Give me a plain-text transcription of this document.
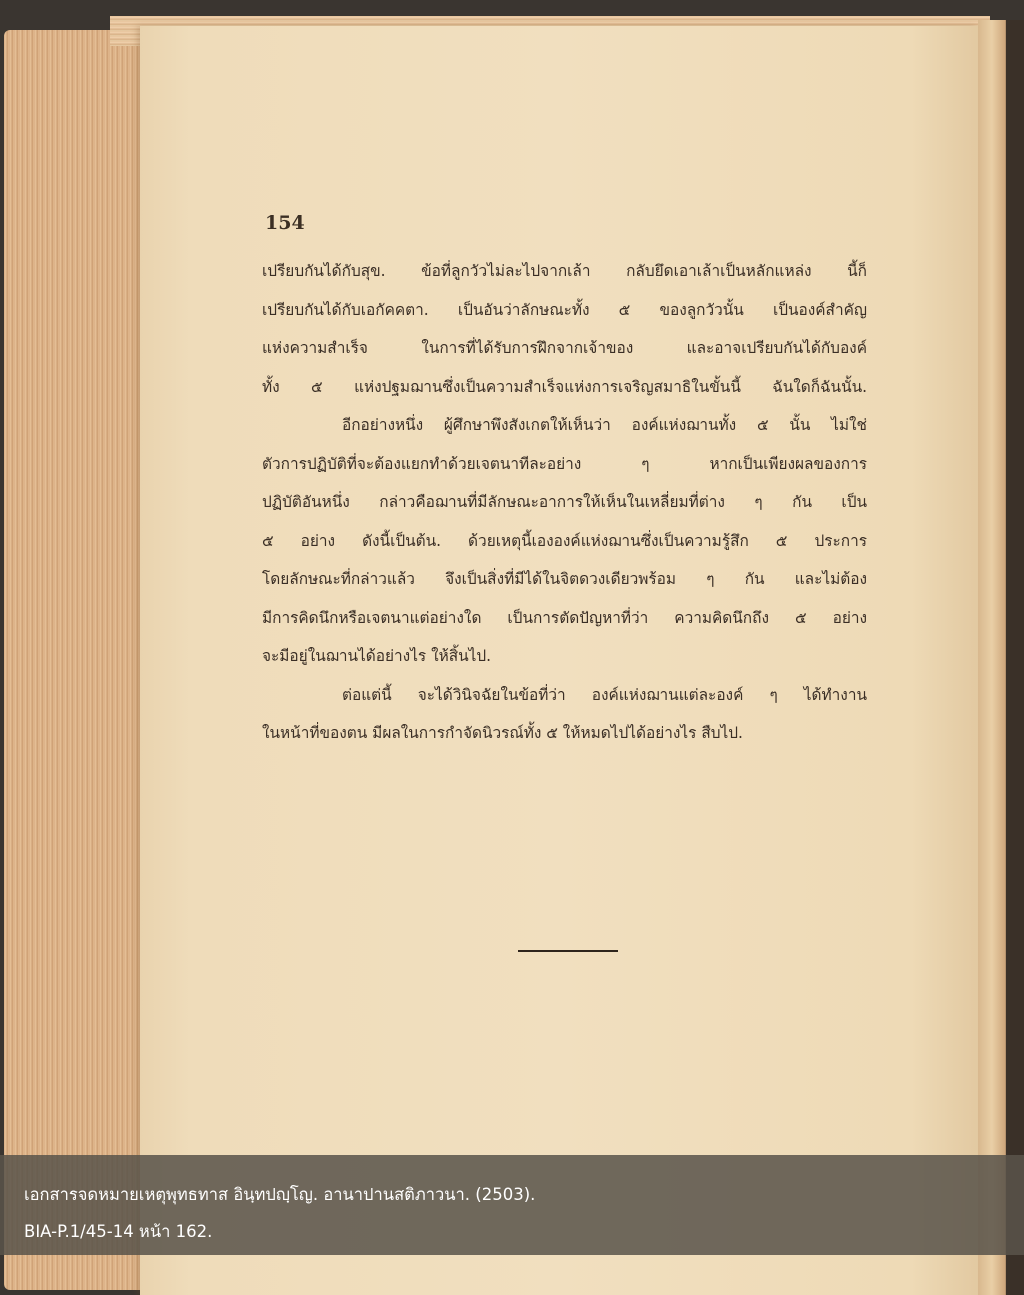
154
เปรียบกันได้กับสุข. ข้อที่ลูกวัวไม่ละไปจากเล้า กลับยึดเอาเล้าเป็นหลักแหล่ง นี้ก็
เปรียบกันได้กับเอกัคคตา. เป็นอันว่าลักษณะทั้ง ๕ ของลูกวัวนั้น เป็นองค์สำคัญ
แห่งความสำเร็จ ในการที่ได้รับการฝึกจากเจ้าของ และอาจเปรียบกันได้กับองค์
ทั้ง ๕ แห่งปฐมฌานซึ่งเป็นความสำเร็จแห่งการเจริญสมาธิในขั้นนี้ ฉันใดก็ฉันนั้น.
อีกอย่างหนึ่ง ผู้ศึกษาพึงสังเกตให้เห็นว่า องค์แห่งฌานทั้ง ๕ นั้น ไม่ใช่
ตัวการปฏิบัติที่จะต้องแยกทำด้วยเจตนาทีละอย่าง ๆ หากเป็นเพียงผลของการ
ปฏิบัติอันหนึ่ง กล่าวคือฌานที่มีลักษณะอาการให้เห็นในเหลี่ยมที่ต่าง ๆ กัน เป็น
๕ อย่าง ดังนี้เป็นต้น. ด้วยเหตุนี้เององค์แห่งฌานซึ่งเป็นความรู้สึก ๕ ประการ
โดยลักษณะที่กล่าวแล้ว จึงเป็นสิ่งที่มีได้ในจิตดวงเดียวพร้อม ๆ กัน และไม่ต้อง
มีการคิดนึกหรือเจตนาแต่อย่างใด เป็นการตัดปัญหาที่ว่า ความคิดนึกถึง ๕ อย่าง
จะมีอยู่ในฌานได้อย่างไร ให้สิ้นไป.
ต่อแต่นี้ จะได้วินิจฉัยในข้อที่ว่า องค์แห่งฌานแต่ละองค์ ๆ ได้ทำงาน
ในหน้าที่ของตน มีผลในการกำจัดนิวรณ์ทั้ง ๕ ให้หมดไปได้อย่างไร สืบไป.
เอกสารจดหมายเหตุพุทธทาส อินฺทปญฺโญ. อานาปานสติภาวนา. (2503).
BIA-P.1/45-14 หน้า 162.
